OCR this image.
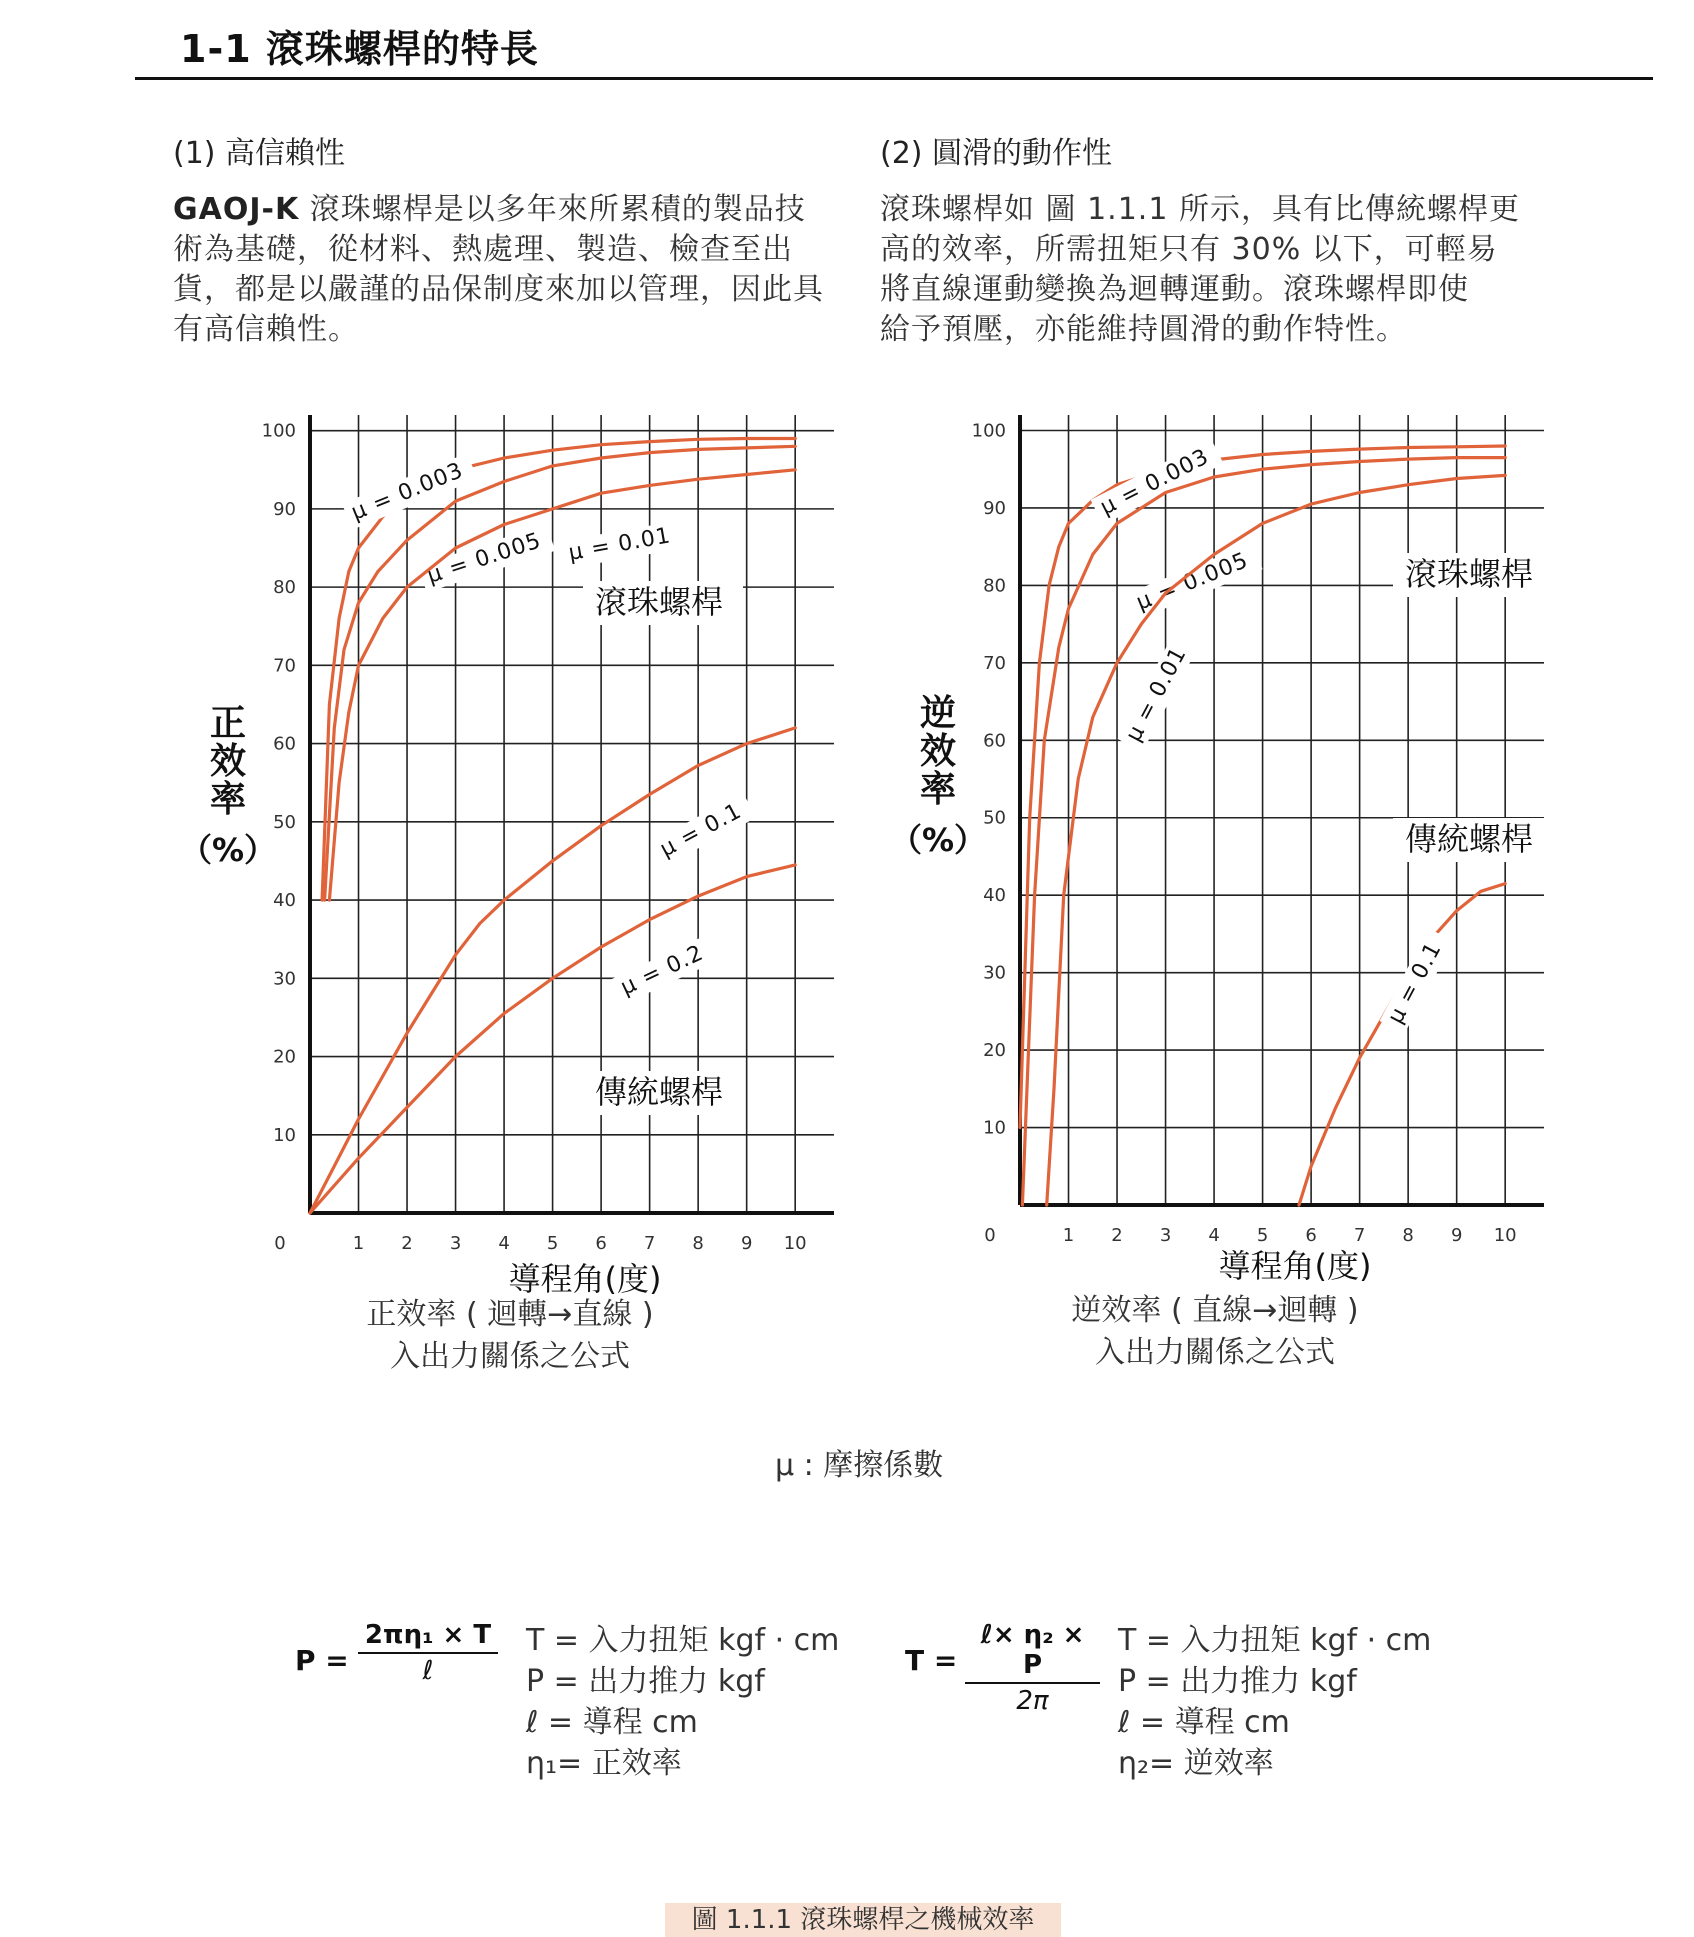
1-1 滾珠螺桿的特長
(1) 高信賴性
GAOJ-K 滾珠螺桿是以多年來所累積的製品技
術為基礎，從材料、熱處理、製造、檢查至出
貨，都是以嚴謹的品保制度來加以管理，因此具
有高信賴性。
(2) 圓滑的動作性
滾珠螺桿如 圖 1.1.1 所示，具有比傳統螺桿更
高的效率，所需扭矩只有 30% 以下，可輕易
將直線運動變換為迴轉運動。滾珠螺桿即使
給予預壓，亦能維持圓滑的動作特性。
100
90
80
70
60
50
40
30
20
10
0	1 2 3 4 5 6 7 8 9 10
μ = 0.003
μ = 0.005 μ = 0.01
μ = 0.1
μ = 0.2
滾珠螺桿
傳統螺桿
正效率（%）
導程角(度)
100
90
80
70
60
50
40
30
20
10
0	1 2 3 4 5 6 7 8 9 10
μ = 0.003
μ = 0.005
μ = 0.01
μ = 0.1
滾珠螺桿
傳統螺桿
逆效率（%）
導程角(度)
正效率 ( 迴轉→直線 )
入出力關係之公式
逆效率 ( 直線→迴轉 )
入出力關係之公式
μ : 摩擦係數
P =
2πη₁ × T
ℓ
T = 入力扭矩 kgf · cm
P = 出力推力 kgf
ℓ = 導程 cm
η₁= 正效率
T =
ℓ× η₂ × P
2π
T = 入力扭矩 kgf · cm
P = 出力推力 kgf
ℓ = 導程 cm
η₂= 逆效率
圖 1.1.1 滾珠螺桿之機械效率
